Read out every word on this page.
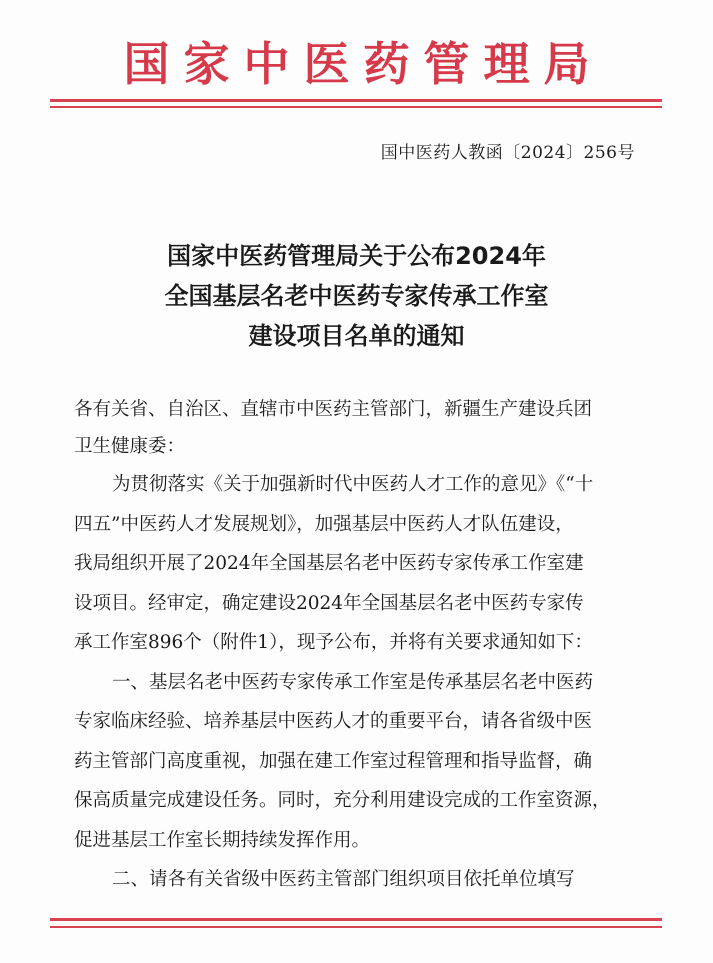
国家中医药管理局
国中医药人教函〔2024〕256号
国家中医药管理局关于公布2024年
全国基层名老中医药专家传承工作室
建设项目名单的通知
各有关省、自治区、直辖市中医药主管部门，新疆生产建设兵团
卫生健康委：
为贯彻落实《关于加强新时代中医药人才工作的意见》《“十
四五”中医药人才发展规划》，加强基层中医药人才队伍建设，
我局组织开展了2024年全国基层名老中医药专家传承工作室建
设项目。经审定，确定建设2024年全国基层名老中医药专家传
承工作室896个（附件1），现予公布，并将有关要求通知如下：
一、基层名老中医药专家传承工作室是传承基层名老中医药
专家临床经验、培养基层中医药人才的重要平台，请各省级中医
药主管部门高度重视，加强在建工作室过程管理和指导监督，确
保高质量完成建设任务。同时，充分利用建设完成的工作室资源，
促进基层工作室长期持续发挥作用。
二、请各有关省级中医药主管部门组织项目依托单位填写
